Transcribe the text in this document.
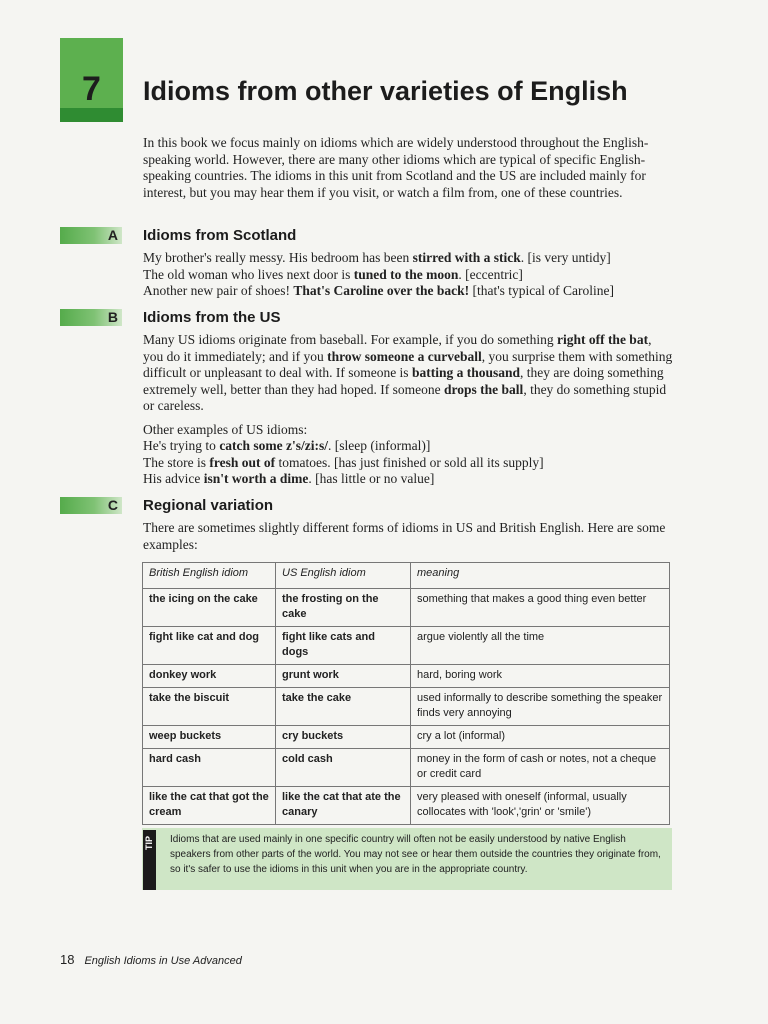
7	Idioms from other varieties of English
In this book we focus mainly on idioms which are widely understood throughout the English-speaking world. However, there are many other idioms which are typical of specific English-speaking countries. The idioms in this unit from Scotland and the US are included mainly for interest, but you may hear them if you visit, or watch a film from, one of these countries.
A Idioms from Scotland
My brother's really messy. His bedroom has been stirred with a stick. [is very untidy]
The old woman who lives next door is tuned to the moon. [eccentric]
Another new pair of shoes! That's Caroline over the back! [that's typical of Caroline]
B Idioms from the US
Many US idioms originate from baseball. For example, if you do something right off the bat, you do it immediately; and if you throw someone a curveball, you surprise them with something difficult or unpleasant to deal with. If someone is batting a thousand, they are doing something extremely well, better than they had hoped. If someone drops the ball, they do something stupid or careless.
Other examples of US idioms:
He's trying to catch some z's/zi:s/. [sleep (informal)]
The store is fresh out of tomatoes. [has just finished or sold all its supply]
His advice isn't worth a dime. [has little or no value]
C Regional variation
There are sometimes slightly different forms of idioms in US and British English. Here are some examples:
British English idiom	US English idiom	meaning
the icing on the cake	the frosting on the cake	something that makes a good thing even better
fight like cat and dog	fight like cats and dogs	argue violently all the time
donkey work	grunt work	hard, boring work
take the biscuit	take the cake	used informally to describe something the speaker finds very annoying
weep buckets	cry buckets	cry a lot (informal)
hard cash	cold cash	money in the form of cash or notes, not a cheque or credit card
like the cat that got the cream	like the cat that ate the canary	very pleased with oneself (informal, usually collocates with 'look','grin' or 'smile')
TIP Idioms that are used mainly in one specific country will often not be easily understood by native English speakers from other parts of the world. You may not see or hear them outside the countries they originate from, so it's safer to use the idioms in this unit when you are in the appropriate country.
18 English Idioms in Use Advanced
